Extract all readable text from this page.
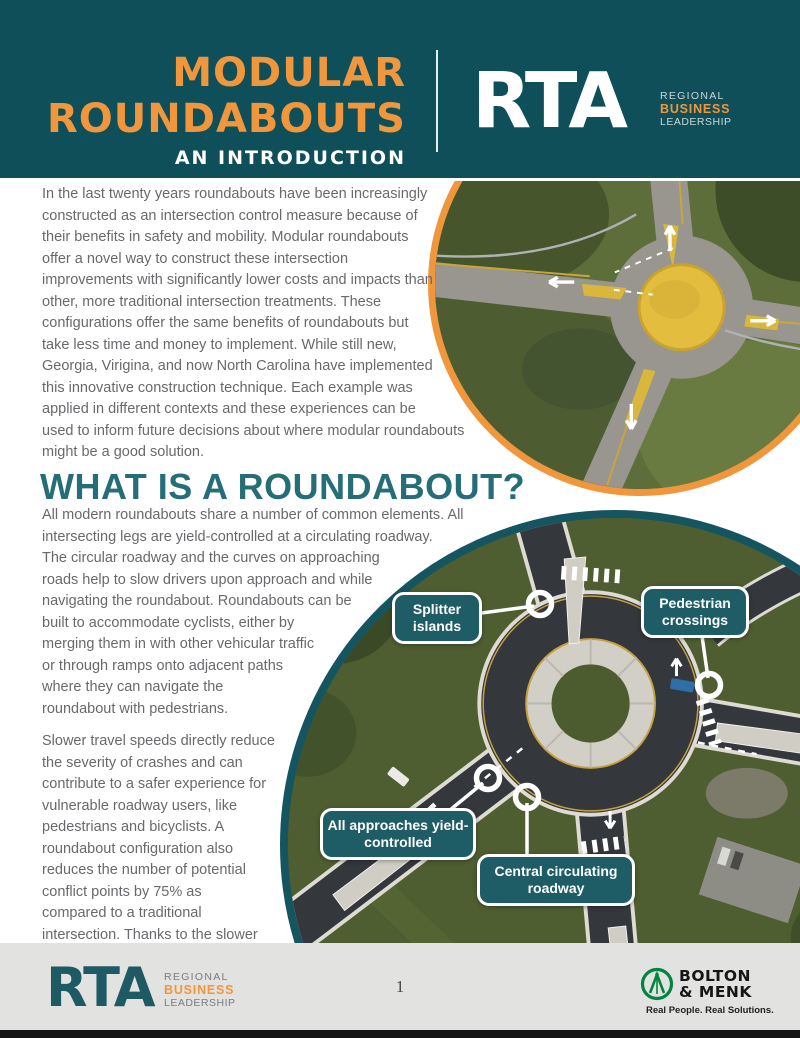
MODULAR
ROUNDABOUTS
AN INTRODUCTION
RTA	REGIONAL
BUSINESS
LEADERSHIP
In the last twenty years roundabouts have been increasingly constructed as an intersection control measure because of their benefits in safety and mobility. Modular roundabouts offer a novel way to construct these intersection improvements with significantly lower costs and impacts than other, more traditional intersection treatments. These configurations offer the same benefits of roundabouts but take less time and money to implement. While still new, Georgia, Virigina, and now North Carolina have implemented this innovative construction technique. Each example was applied in different contexts and these experiences can be used to inform future decisions about where modular roundabouts might be a good solution.
WHAT IS A ROUNDABOUT?
All modern roundabouts share a number of common elements. All intersecting legs are yield-controlled at a circulating roadway. The circular roadway and the curves on approaching roads help to slow drivers upon approach and while navigating the roundabout. Roundabouts can be built to accommodate cyclists, either by merging them in with other vehicular traffic or through ramps onto adjacent paths where they can navigate the roundabout with pedestrians.
Slower travel speeds directly reduce the severity of crashes and can contribute to a safer experience for vulnerable roadway users, like pedestrians and bicyclists. A roundabout configuration also reduces the number of potential conflict points by 75% as compared to a traditional intersection. Thanks to the slower
Splitter islands
Pedestrian crossings
All approaches yield-controlled
Central circulating roadway
RTA REGIONAL
BUSINESS
LEADERSHIP
1
BOLTON
& MENK
Real People. Real Solutions.
